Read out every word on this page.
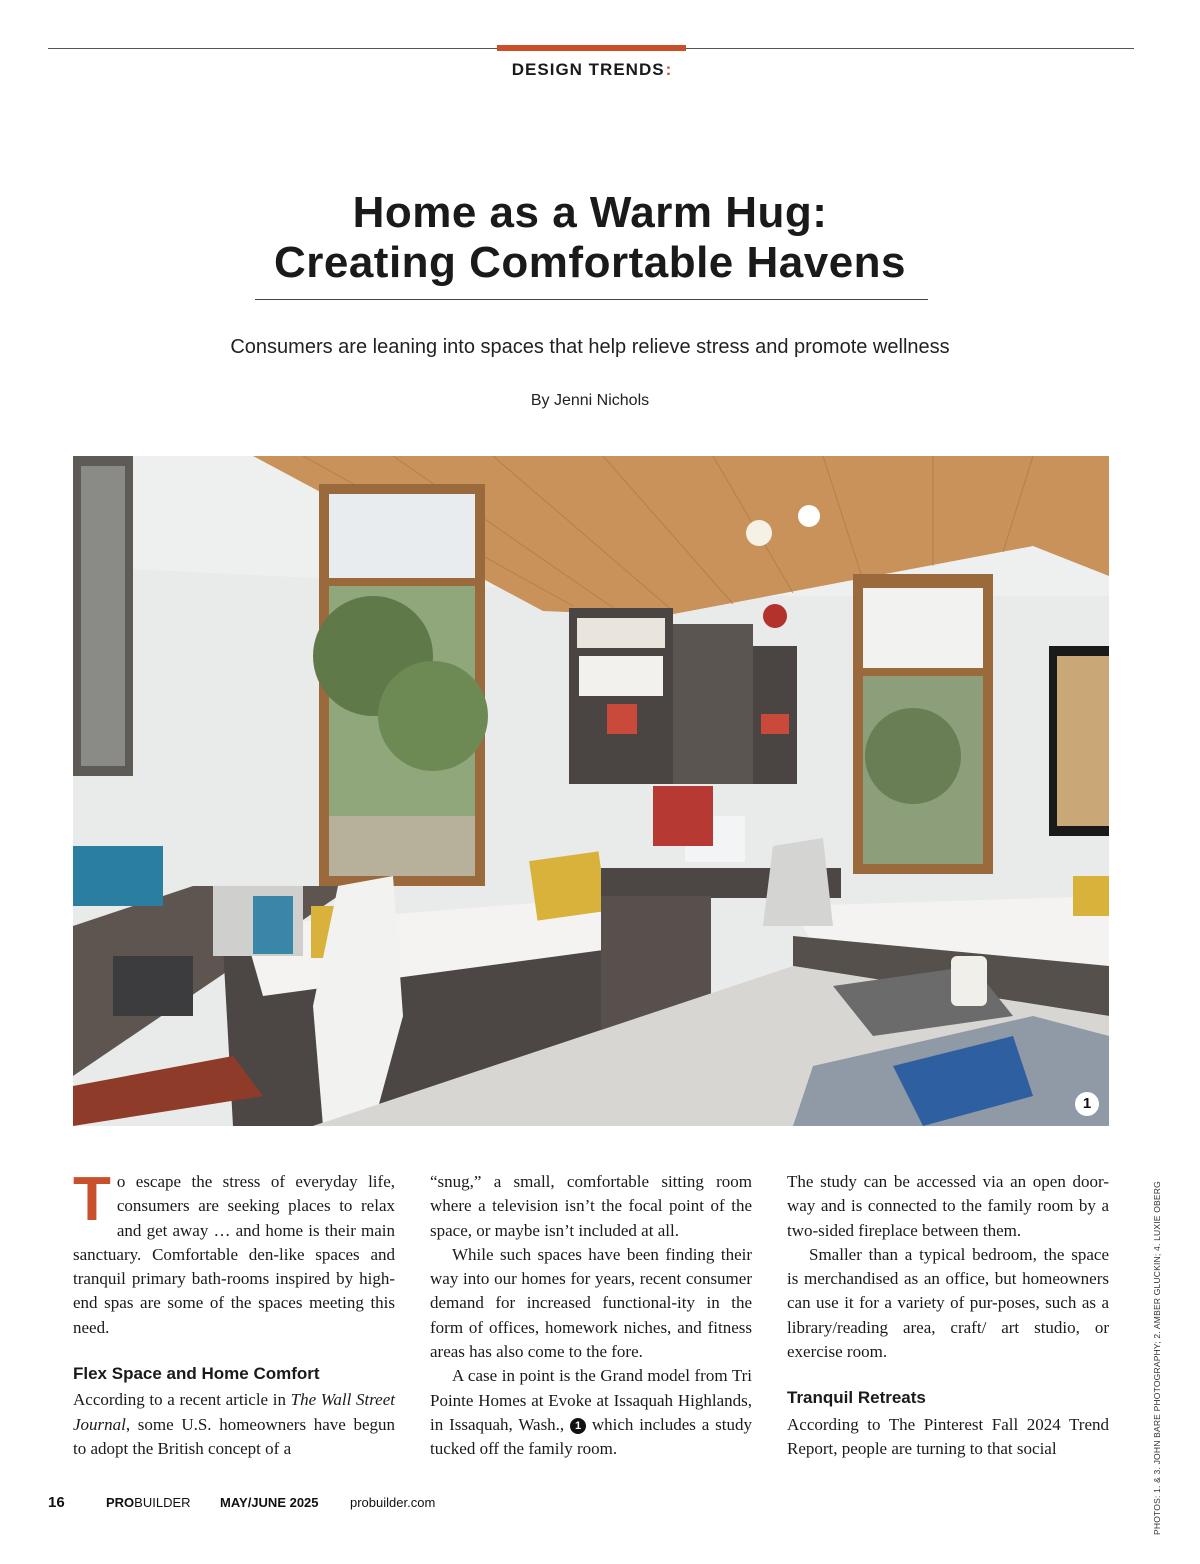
DESIGN TRENDS:
Home as a Warm Hug:
Creating Comfortable Havens
Consumers are leaning into spaces that help relieve stress and promote wellness
By Jenni Nichols
1

To escape the stress of everyday life, consumers are seeking places to relax and get away … and home is their main sanctuary. Comfortable den-like spaces and tranquil primary bath-rooms inspired by high-end spas are some of the spaces meeting this need.

Flex Space and Home Comfort

According to a recent article in The Wall Street Journal, some U.S. homeowners have begun to adopt the British concept of a

“snug,” a small, comfortable sitting room where a television isn’t the focal point of the space, or maybe isn’t included at all.

While such spaces have been finding their way into our homes for years, recent consumer demand for increased functional-ity in the form of offices, homework niches, and fitness areas has also come to the fore.

A case in point is the Grand model from Tri Pointe Homes at Evoke at Issaquah Highlands, in Issaquah, Wash., 1 which includes a study tucked off the family room.

The study can be accessed via an open door-way and is connected to the family room by a two-sided fireplace between them.

Smaller than a typical bedroom, the space is merchandised as an office, but homeowners can use it for a variety of pur-poses, such as a library/reading area, craft/ art studio, or exercise room.

Tranquil Retreats

According to The Pinterest Fall 2024 Trend Report, people are turning to that social	PHOTOS: 1. & 3. JOHN BARE PHOTOGRAPHY; 2. AMBER GLUCKIN; 4. LUXIE OBERG
16	PROBUILDER MAY/JUNE 2025 probuilder.com
